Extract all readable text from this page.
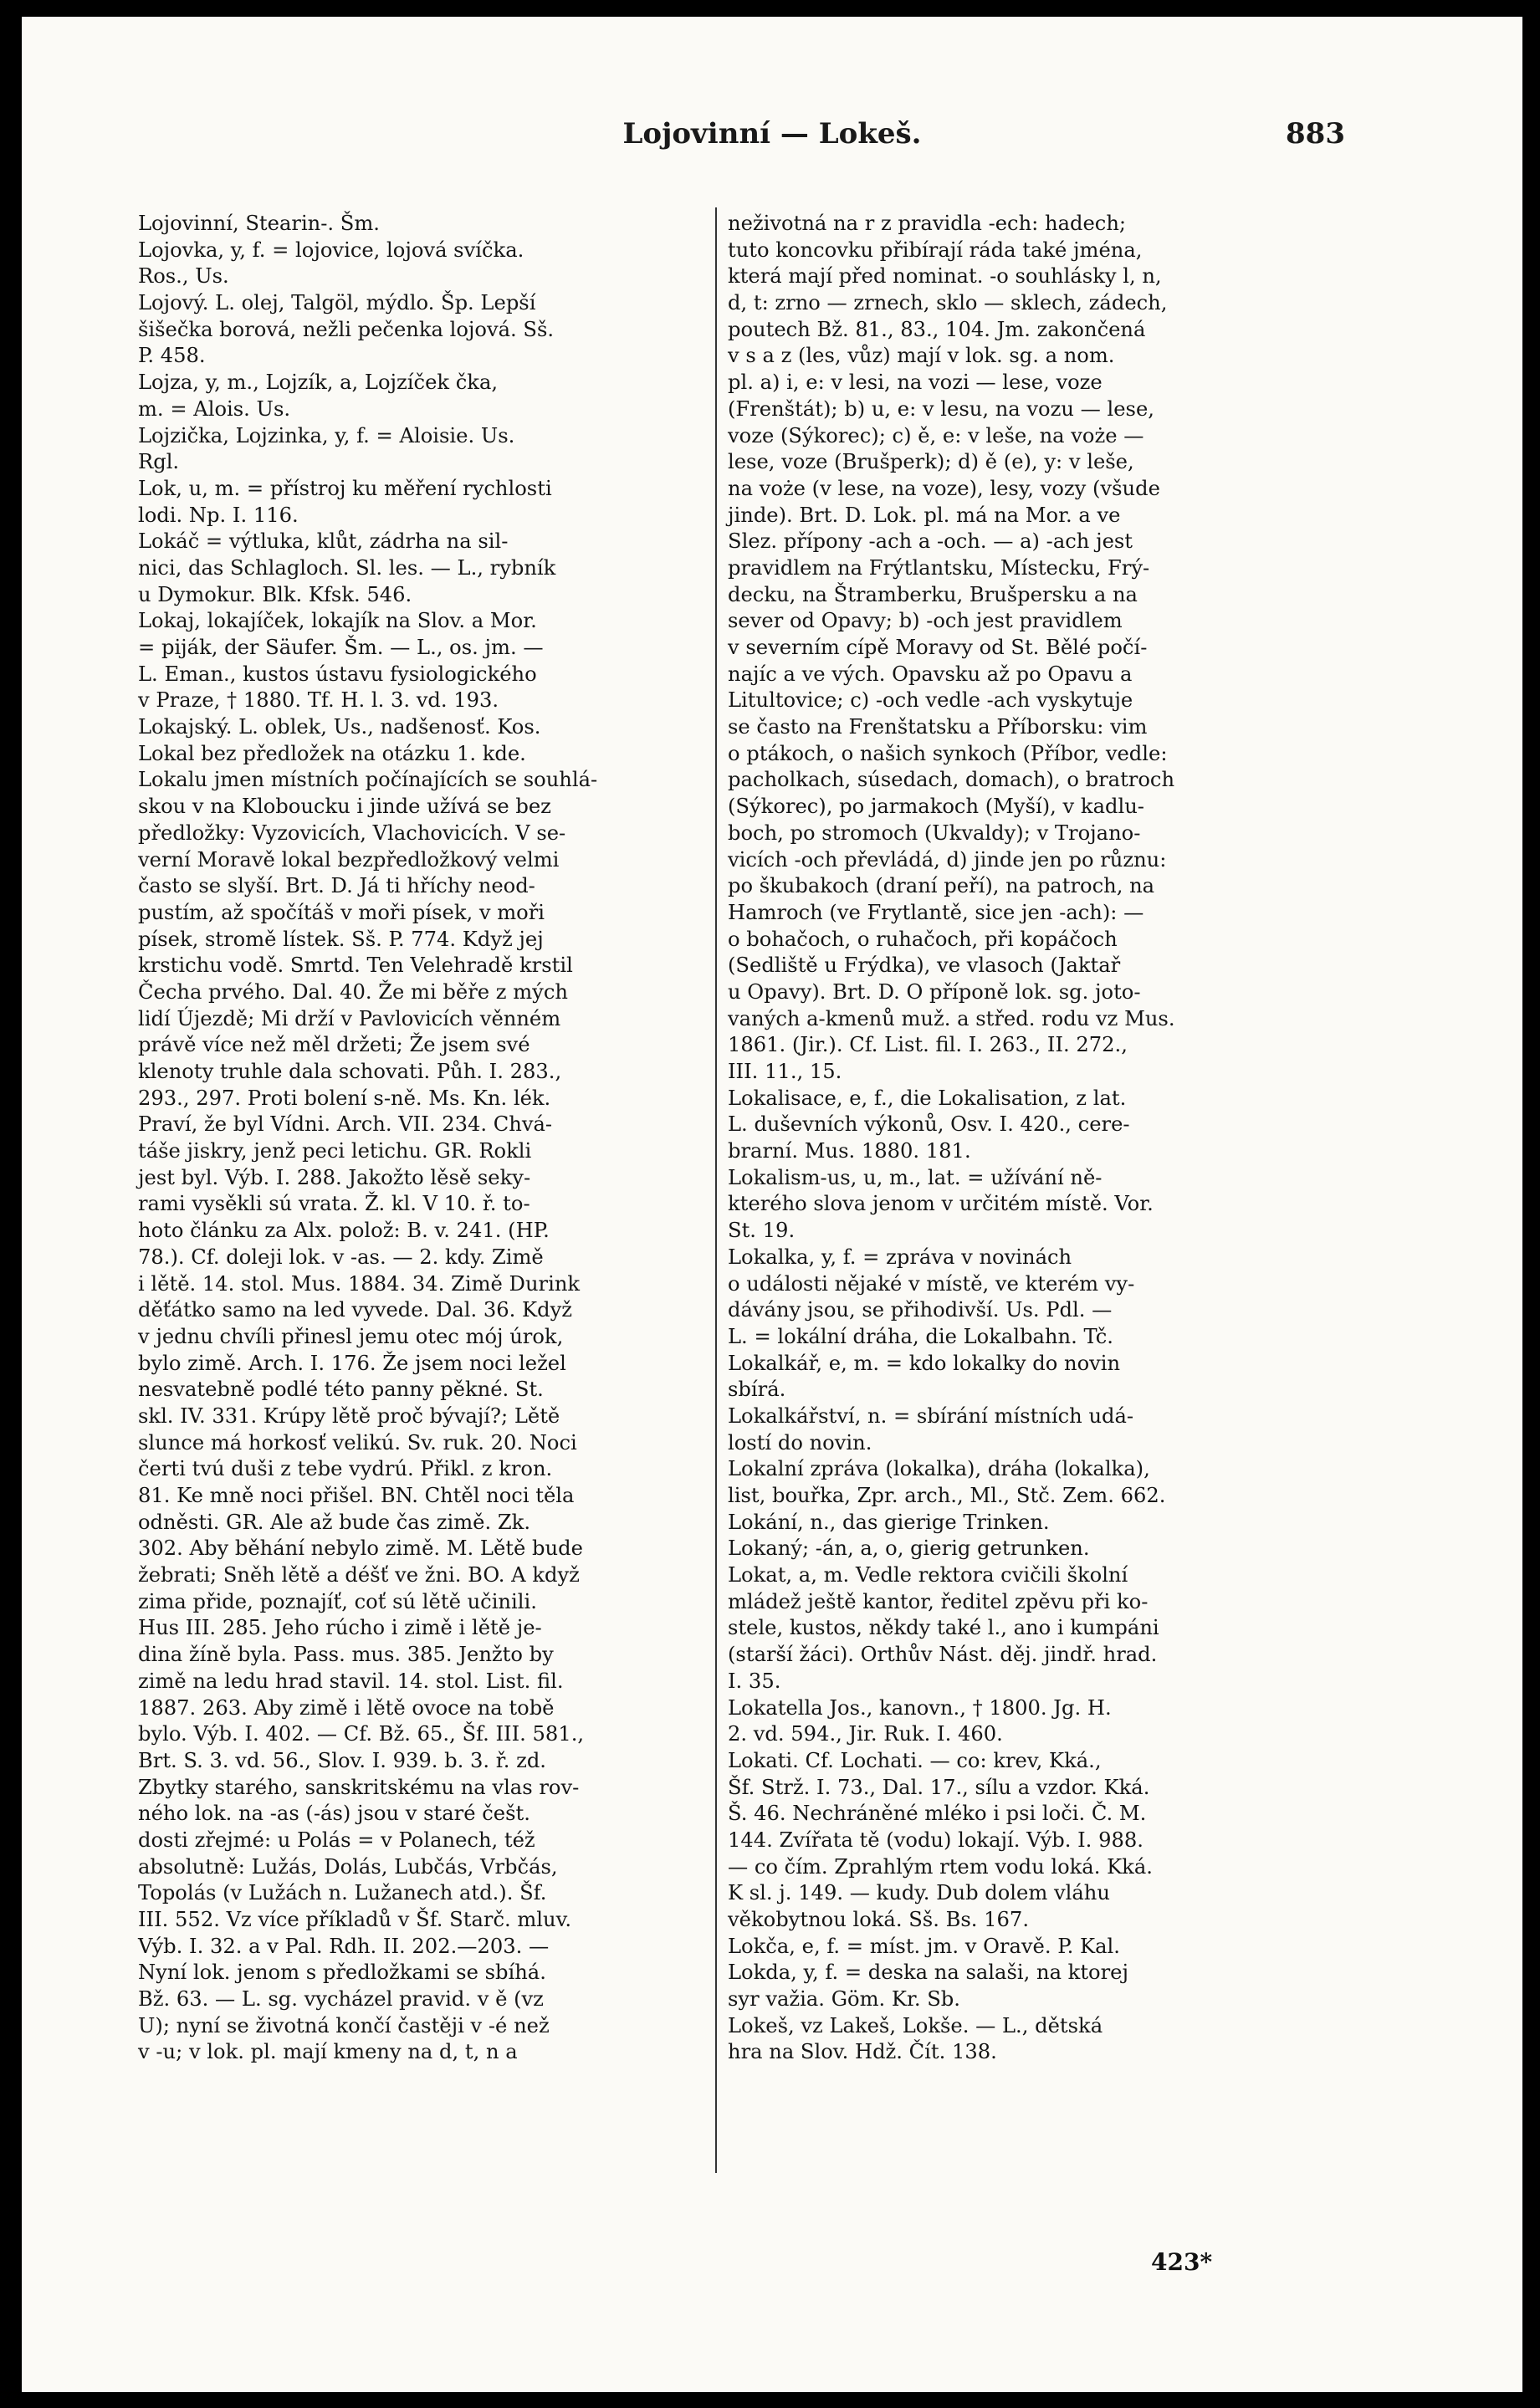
Lojovinní — Lokeš.	883
Lojovinní, Stearin-. Šm.
Lojovka, y, f. = lojovice, lojová svíčka.
Ros., Us.
Lojový. L. olej, Talgöl, mýdlo. Šp. Lepší
šišečka borová, nežli pečenka lojová. Sš.
P. 458.
Lojza, y, m., Lojzík, a, Lojzíček čka,
m. = Alois. Us.
Lojzička, Lojzinka, y, f. = Aloisie. Us.
Rgl.
Lok, u, m. = přístroj ku měření rychlosti
lodi. Np. I. 116.
Lokáč = výtluka, klůt, zádrha na sil-
nici, das Schlagloch. Sl. les. — L., rybník
u Dymokur. Blk. Kfsk. 546.
Lokaj, lokajíček, lokajík na Slov. a Mor.
= piják, der Säufer. Šm. — L., os. jm. —
L. Eman., kustos ústavu fysiologického
v Praze, † 1880. Tf. H. l. 3. vd. 193.
Lokajský. L. oblek, Us., nadšenosť. Kos.
Lokal bez předložek na otázku 1. kde.
Lokalu jmen místních počínajících se souhlá-
skou v na Kloboucku i jinde užívá se bez
předložky: Vyzovicích, Vlachovicích. V se-
verní Moravě lokal bezpředložkový velmi
často se slyší. Brt. D. Já ti hříchy neod-
pustím, až spočítáš v moři písek, v moři
písek, stromě lístek. Sš. P. 774. Když jej
krstichu vodě. Smrtd. Ten Velehradě krstil
Čecha prvého. Dal. 40. Že mi běře z mých
lidí Újezdě; Mi drží v Pavlovicích věnném
právě více než měl držeti; Že jsem své
klenoty truhle dala schovati. Půh. I. 283.,
293., 297. Proti bolení s-ně. Ms. Kn. lék.
Praví, že byl Vídni. Arch. VII. 234. Chvá-
táše jiskry, jenž peci letichu. GR. Rokli
jest byl. Výb. I. 288. Jakožto lěsě seky-
rami vysěkli sú vrata. Ž. kl. V 10. ř. to-
hoto článku za Alx. polož: B. v. 241. (HP.
78.). Cf. doleji lok. v -as. — 2. kdy. Zimě
i lětě. 14. stol. Mus. 1884. 34. Zimě Durink
děťátko samo na led vyvede. Dal. 36. Když
v jednu chvíli přinesl jemu otec mój úrok,
bylo zimě. Arch. I. 176. Že jsem noci ležel
nesvatebně podlé této panny pěkné. St.
skl. IV. 331. Krúpy lětě proč bývají?; Lětě
slunce má horkosť velikú. Sv. ruk. 20. Noci
čerti tvú duši z tebe vydrú. Přikl. z kron.
81. Ke mně noci přišel. BN. Chtěl noci těla
odněsti. GR. Ale až bude čas zimě. Zk.
302. Aby běhání nebylo zimě. M. Lětě bude
žebrati; Sněh lětě a déšť ve žni. BO. A když
zima přide, poznajíť, coť sú lětě učinili.
Hus III. 285. Jeho rúcho i zimě i lětě je-
dina žíně byla. Pass. mus. 385. Jenžto by
zimě na ledu hrad stavil. 14. stol. List. fil.
1887. 263. Aby zimě i lětě ovoce na tobě
bylo. Výb. I. 402. — Cf. Bž. 65., Šf. III. 581.,
Brt. S. 3. vd. 56., Slov. I. 939. b. 3. ř. zd.
Zbytky starého, sanskritskému na vlas rov-
ného lok. na -as (-ás) jsou v staré češt.
dosti zřejmé: u Polás = v Polanech, též
absolutně: Lužás, Dolás, Lubčás, Vrbčás,
Topolás (v Lužách n. Lužanech atd.). Šf.
III. 552. Vz více příkladů v Šf. Starč. mluv.
Výb. I. 32. a v Pal. Rdh. II. 202.—203. —
Nyní lok. jenom s předložkami se sbíhá.
Bž. 63. — L. sg. vycházel pravid. v ě (vz
U); nyní se životná končí častěji v -é než
v -u; v lok. pl. mají kmeny na d, t, n a
neživotná na r z pravidla -ech: hadech;
tuto koncovku přibírají ráda také jména,
která mají před nominat. -o souhlásky l, n,
d, t: zrno — zrnech, sklo — sklech, zádech,
poutech Bž. 81., 83., 104. Jm. zakončená
v s a z (les, vůz) mají v lok. sg. a nom.
pl. a) i, e: v lesi, na vozi — lese, voze
(Frenštát); b) u, e: v lesu, na vozu — lese,
voze (Sýkorec); c) ě, e: v leše, na voże —
lese, voze (Brušperk); d) ě (e), y: v leše,
na voże (v lese, na voze), lesy, vozy (všude
jinde). Brt. D. Lok. pl. má na Mor. a ve
Slez. přípony -ach a -och. — a) -ach jest
pravidlem na Frýtlantsku, Místecku, Frý-
decku, na Štramberku, Brušpersku a na
sever od Opavy; b) -och jest pravidlem
v severním cípě Moravy od St. Bělé počí-
najíc a ve vých. Opavsku až po Opavu a
Litultovice; c) -och vedle -ach vyskytuje
se často na Frenštatsku a Příborsku: vim
o ptákoch, o našich synkoch (Příbor, vedle:
pacholkach, súsedach, domach), o bratroch
(Sýkorec), po jarmakoch (Myší), v kadlu-
boch, po stromoch (Ukvaldy); v Trojano-
vicích -och převládá, d) jinde jen po různu:
po škubakoch (draní peří), na patroch, na
Hamroch (ve Frytlantě, sice jen -ach): —
o bohačoch, o ruhačoch, při kopáčoch
(Sedliště u Frýdka), ve vlasoch (Jaktař
u Opavy). Brt. D. O příponě lok. sg. joto-
vaných a-kmenů muž. a střed. rodu vz Mus.
1861. (Jir.). Cf. List. fil. I. 263., II. 272.,
III. 11., 15.
Lokalisace, e, f., die Lokalisation, z lat.
L. duševních výkonů, Osv. I. 420., cere-
brarní. Mus. 1880. 181.
Lokalism-us, u, m., lat. = užívání ně-
kterého slova jenom v určitém místě. Vor.
St. 19.
Lokalka, y, f. = zpráva v novinách
o události nějaké v místě, ve kterém vy-
dávány jsou, se přihodivší. Us. Pdl. —
L. = lokální dráha, die Lokalbahn. Tč.
Lokalkář, e, m. = kdo lokalky do novin
sbírá.
Lokalkářství, n. = sbírání místních udá-
lostí do novin.
Lokalní zpráva (lokalka), dráha (lokalka),
list, bouřka, Zpr. arch., Ml., Stč. Zem. 662.
Lokání, n., das gierige Trinken.
Lokaný; -án, a, o, gierig getrunken.
Lokat, a, m. Vedle rektora cvičili školní
mládež ještě kantor, ředitel zpěvu při ko-
stele, kustos, někdy také l., ano i kumpáni
(starší žáci). Orthův Nást. děj. jindř. hrad.
I. 35.
Lokatella Jos., kanovn., † 1800. Jg. H.
2. vd. 594., Jir. Ruk. I. 460.
Lokati. Cf. Lochati. — co: krev, Kká.,
Šf. Strž. I. 73., Dal. 17., sílu a vzdor. Kká.
Š. 46. Nechráněné mléko i psi loči. Č. M.
144. Zvířata tě (vodu) lokají. Výb. I. 988.
— co čím. Zprahlým rtem vodu loká. Kká.
K sl. j. 149. — kudy. Dub dolem vláhu
věkobytnou loká. Sš. Bs. 167.
Lokča, e, f. = míst. jm. v Oravě. P. Kal.
Lokda, y, f. = deska na salaši, na ktorej
syr važia. Göm. Kr. Sb.
Lokeš, vz Lakeš, Lokše. — L., dětská
hra na Slov. Hdž. Čít. 138.
423*
